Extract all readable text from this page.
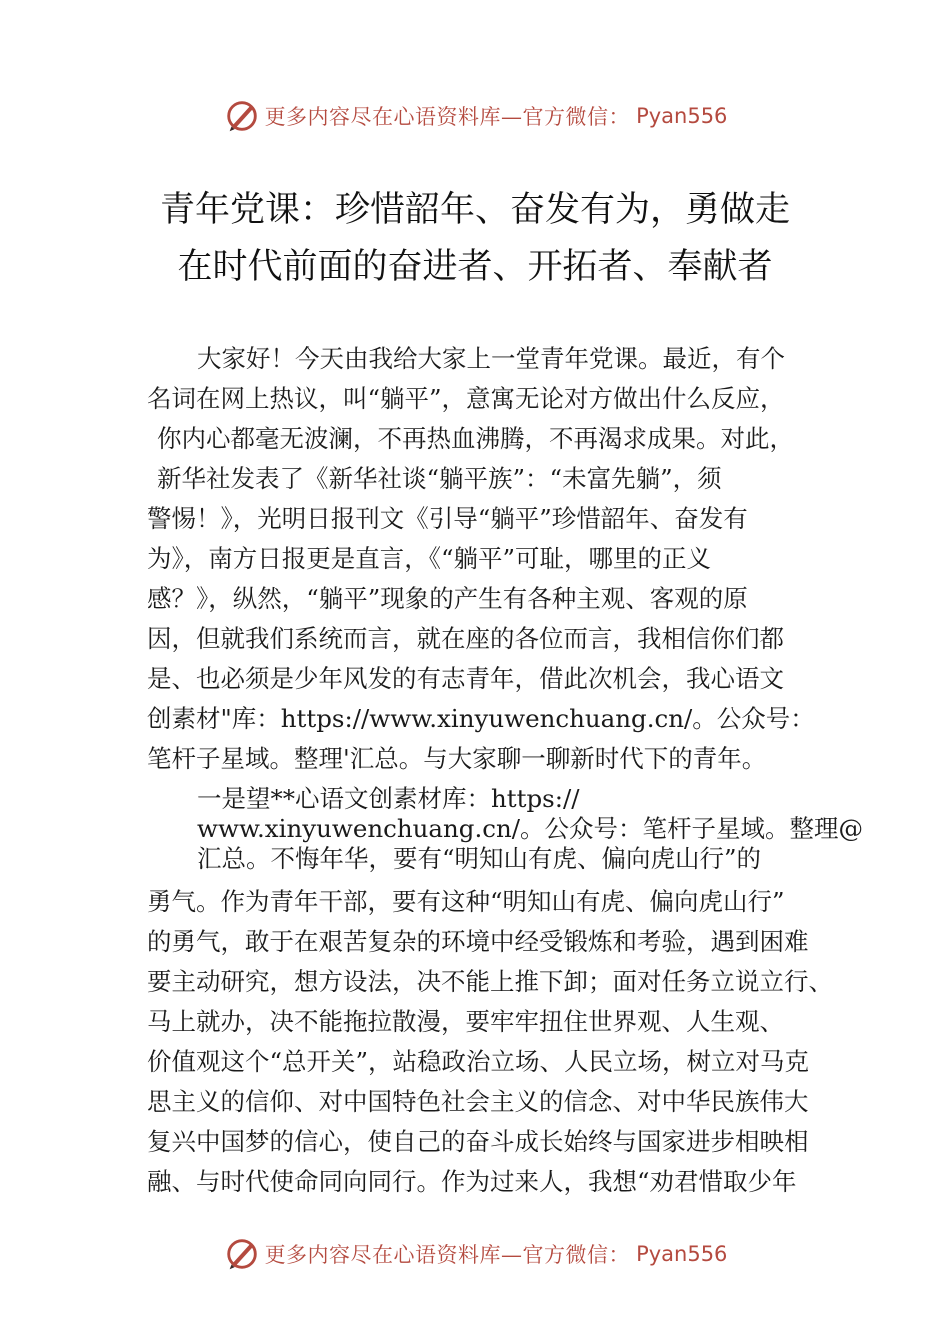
更多内容尽在心语资料库—官方微信： Pyan556
青年党课：珍惜韶年、奋发有为，勇做走
在时代前面的奋进者、开拓者、奉献者
大家好！今天由我给大家上一堂青年党课。最近，有个
名词在网上热议，叫“躺平”，意寓无论对方做出什么反应，
你内心都毫无波澜，不再热血沸腾，不再渴求成果。对此，
新华社发表了《新华社谈“躺平族”：“未富先躺”，须
警惕！》，光明日报刊文《引导“躺平”珍惜韶年、奋发有
为》，南方日报更是直言，《“躺平”可耻，哪里的正义
感？》，纵然，“躺平”现象的产生有各种主观、客观的原
因，但就我们系统而言，就在座的各位而言，我相信你们都
是、也必须是少年风发的有志青年，借此次机会，我心语文
创素材"库：https://www.xinyuwenchuang.cn/。公众号：
笔杆子星域。整理'汇总。与大家聊一聊新时代下的青年。
一是望**心语文创素材库：https://
www.xinyuwenchuang.cn/。公众号：笔杆子星域。整理@
汇总。不悔年华，要有“明知山有虎、偏向虎山行”的
勇气。作为青年干部，要有这种“明知山有虎、偏向虎山行”
的勇气，敢于在艰苦复杂的环境中经受锻炼和考验，遇到困难
要主动研究，想方设法，决不能上推下卸；面对任务立说立行、
马上就办，决不能拖拉散漫，要牢牢扭住世界观、人生观、
价值观这个“总开关”，站稳政治立场、人民立场，树立对马克
思主义的信仰、对中国特色社会主义的信念、对中华民族伟大
复兴中国梦的信心，使自己的奋斗成长始终与国家进步相映相
融、与时代使命同向同行。作为过来人，我想“劝君惜取少年
更多内容尽在心语资料库—官方微信： Pyan556
